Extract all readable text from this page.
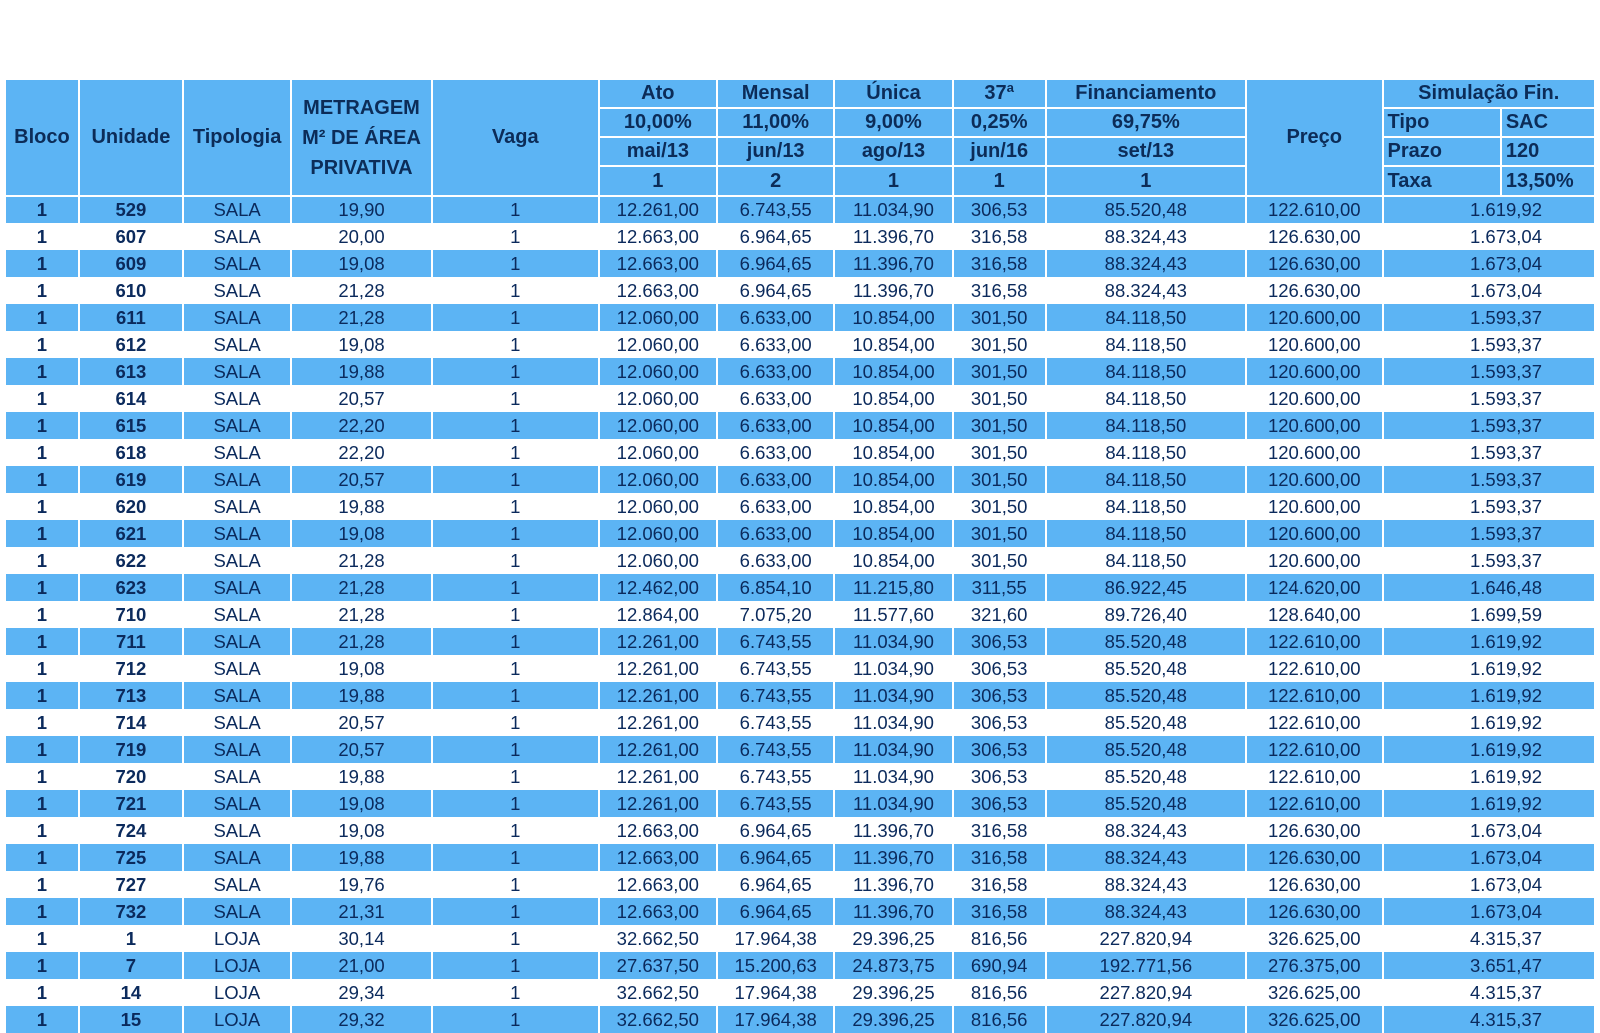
Bloco	Unidade	Tipologia	METRAGEM
M² DE ÁREA
PRIVATIVA	Vaga	Ato	Mensal	Única	37ª	Financiamento	Preço	Simulação Fin.	
					10,00%	11,00%	9,00%	0,25%	69,75%		Tipo	SAC
					mai/13	jun/13	ago/13	jun/16	set/13		Prazo	120
					1	2	1	1	1		Taxa	13,50%
1	529	SALA	19,90	1	12.261,00	6.743,55	11.034,90	306,53	85.520,48	122.610,00	1.619,92	
1	607	SALA	20,00	1	12.663,00	6.964,65	11.396,70	316,58	88.324,43	126.630,00	1.673,04	
1	609	SALA	19,08	1	12.663,00	6.964,65	11.396,70	316,58	88.324,43	126.630,00	1.673,04	
1	610	SALA	21,28	1	12.663,00	6.964,65	11.396,70	316,58	88.324,43	126.630,00	1.673,04	
1	611	SALA	21,28	1	12.060,00	6.633,00	10.854,00	301,50	84.118,50	120.600,00	1.593,37	
1	612	SALA	19,08	1	12.060,00	6.633,00	10.854,00	301,50	84.118,50	120.600,00	1.593,37	
1	613	SALA	19,88	1	12.060,00	6.633,00	10.854,00	301,50	84.118,50	120.600,00	1.593,37	
1	614	SALA	20,57	1	12.060,00	6.633,00	10.854,00	301,50	84.118,50	120.600,00	1.593,37	
1	615	SALA	22,20	1	12.060,00	6.633,00	10.854,00	301,50	84.118,50	120.600,00	1.593,37	
1	618	SALA	22,20	1	12.060,00	6.633,00	10.854,00	301,50	84.118,50	120.600,00	1.593,37	
1	619	SALA	20,57	1	12.060,00	6.633,00	10.854,00	301,50	84.118,50	120.600,00	1.593,37	
1	620	SALA	19,88	1	12.060,00	6.633,00	10.854,00	301,50	84.118,50	120.600,00	1.593,37	
1	621	SALA	19,08	1	12.060,00	6.633,00	10.854,00	301,50	84.118,50	120.600,00	1.593,37	
1	622	SALA	21,28	1	12.060,00	6.633,00	10.854,00	301,50	84.118,50	120.600,00	1.593,37	
1	623	SALA	21,28	1	12.462,00	6.854,10	11.215,80	311,55	86.922,45	124.620,00	1.646,48	
1	710	SALA	21,28	1	12.864,00	7.075,20	11.577,60	321,60	89.726,40	128.640,00	1.699,59	
1	711	SALA	21,28	1	12.261,00	6.743,55	11.034,90	306,53	85.520,48	122.610,00	1.619,92	
1	712	SALA	19,08	1	12.261,00	6.743,55	11.034,90	306,53	85.520,48	122.610,00	1.619,92	
1	713	SALA	19,88	1	12.261,00	6.743,55	11.034,90	306,53	85.520,48	122.610,00	1.619,92	
1	714	SALA	20,57	1	12.261,00	6.743,55	11.034,90	306,53	85.520,48	122.610,00	1.619,92	
1	719	SALA	20,57	1	12.261,00	6.743,55	11.034,90	306,53	85.520,48	122.610,00	1.619,92	
1	720	SALA	19,88	1	12.261,00	6.743,55	11.034,90	306,53	85.520,48	122.610,00	1.619,92	
1	721	SALA	19,08	1	12.261,00	6.743,55	11.034,90	306,53	85.520,48	122.610,00	1.619,92	
1	724	SALA	19,08	1	12.663,00	6.964,65	11.396,70	316,58	88.324,43	126.630,00	1.673,04	
1	725	SALA	19,88	1	12.663,00	6.964,65	11.396,70	316,58	88.324,43	126.630,00	1.673,04	
1	727	SALA	19,76	1	12.663,00	6.964,65	11.396,70	316,58	88.324,43	126.630,00	1.673,04	
1	732	SALA	21,31	1	12.663,00	6.964,65	11.396,70	316,58	88.324,43	126.630,00	1.673,04	
1	1	LOJA	30,14	1	32.662,50	17.964,38	29.396,25	816,56	227.820,94	326.625,00	4.315,37	
1	7	LOJA	21,00	1	27.637,50	15.200,63	24.873,75	690,94	192.771,56	276.375,00	3.651,47	
1	14	LOJA	29,34	1	32.662,50	17.964,38	29.396,25	816,56	227.820,94	326.625,00	4.315,37	
1	15	LOJA	29,32	1	32.662,50	17.964,38	29.396,25	816,56	227.820,94	326.625,00	4.315,37	
